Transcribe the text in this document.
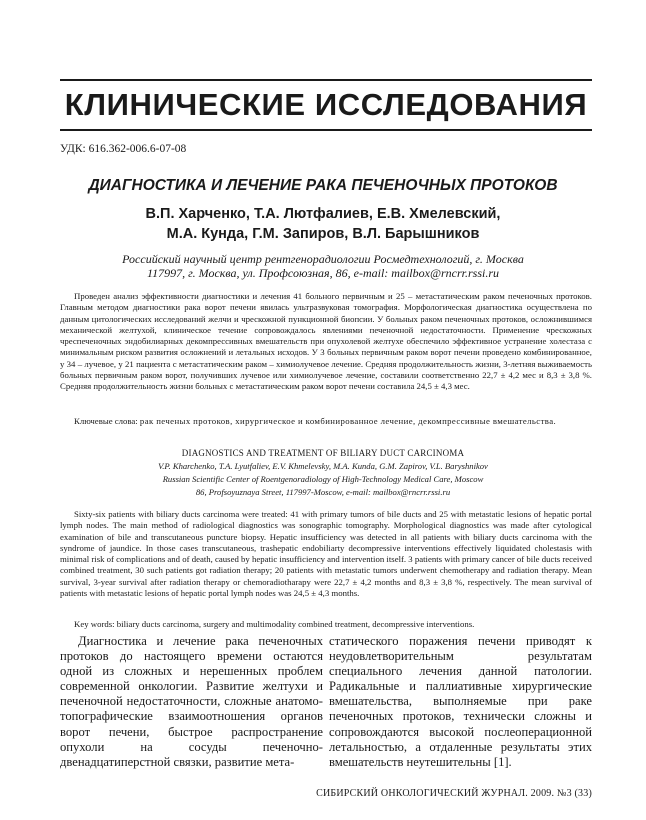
КЛИНИЧЕСКИЕ ИССЛЕДОВАНИЯ
УДК: 616.362-006.6-07-08
ДИАГНОСТИКА И ЛЕЧЕНИЕ РАКА ПЕЧЕНОЧНЫХ ПРОТОКОВ
В.П. Харченко, Т.А. Лютфалиев, Е.В. Хмелевский,
М.А. Кунда, Г.М. Запиров, В.Л. Барышников
Российский научный центр рентгенорадиологии Росмедтехнологий, г. Москва
117997, г. Москва, ул. Профсоюзная, 86, e-mail: mailbox@rncrr.rssi.ru

Проведен анализ эффективности диагностики и лечения 41 больного первичным и 25 – метастатическим раком печеночных протоков. Главным методом диагностики рака ворот печени явилась ультразвуковая томография. Морфологическая диагностика осуществлена по данным цитологических исследований желчи и чрескожной пункционной биопсии. У больных раком печеночных протоков, осложнившимся механической желтухой, клиническое течение сопровождалось явлениями печеночной недостаточности. Применение чрескожных чреспеченочных эндобилиарных декомпрессивных вмешательств при опухолевой желтухе обеспечило эффективное устранение холестаза с минимальным риском развития осложнений и летальных исходов. У 3 больных первичным раком ворот печени проведено комбинированное, у 34 – лучевое, у 21 пациента с метастатическим раком – химиолучевое лечение. Средняя продолжительность жизни, 3-летняя выживаемость больных первичным раком ворот, получивших лучевое или химиолучевое лечение, составили соответственно 22,7 ± 4,2 мес и 8,3 ± 3,8 %. Средняя продолжительность жизни больных с метастатическим раком ворот печени составила 24,5 ± 4,3 мес.

Ключевые слова: рак печеных протоков, хирургическое и комбинированное лечение, декомпрессивные вмешательства.

DIAGNOSTICS AND TREATMENT OF BILIARY DUCT CARCINOMA
V.P. Kharchenko, T.A. Lyutfaliev, E.V. Khmelevsky, M.A. Kunda, G.M. Zapirov, V.L. Baryshnikov
Russian Scientific Center of Roentgenoradiology of High-Technology Medical Care, Moscow
86, Profsoyuznaya Street, 117997-Moscow, e-mail: mailbox@rncrr.rssi.ru

Sixty-six patients with biliary ducts carcinoma were treated: 41 with primary tumors of bile ducts and 25 with metastatic lesions of hepatic portal lymph nodes. The main method of radiological diagnostics was sonographic tomography. Morphological diagnostics was made after cytological examination of bile and transcutaneous puncture biopsy. Hepatic insufficiency was detected in all patients with biliary ducts carcinoma with the syndrome of jaundice. In those cases transcutaneous, trashepatic endobiliarty decompressive interventions effectively liquidated cholestasis with minimal risk of complications and of death, caused by hepatic insufficiency and intervention itself. 3 patients with primary cancer of bile ducts received combined treatment, 30 such patients got radiation therapy; 20 patients with metastatic tumors underwent chemotherapy and radiation therapy. Mean survival, 3-year survival after radiation therapy or chemoradiotharapy were 22,7 ± 4,2 months and 8,3 ± 3,8 %, respectively. The mean survival of patients with metastatic lesions of hepatic portal lymph nodes was 24,5 ± 4,3 months.

Key words: biliary ducts carcinoma, surgery and multimodality combined treatment, decompressive interventions.

Диагностика и лечение рака печеночных протоков до настоящего времени остаются одной из сложных и нерешенных проблем современной онкологии. Развитие желтухи и печеночной недостаточности, сложные анатомо-топографические взаимоотношения органов ворот печени, быстрое распространение опухоли на сосуды печеночно-двенадцатиперстной связки, развитие мета-

статического поражения печени приводят к неудовлетворительным результатам специального лечения данной патологии. Радикальные и паллиативные хирургические вмешательства, выполняемые при раке печеночных протоков, технически сложны и сопровождаются высокой послеоперационной летальностью, а отдаленные результаты этих вмешательств неутешительны [1].

СИБИРСКИЙ ОНКОЛОГИЧЕСКИЙ ЖУРНАЛ. 2009. №3 (33)
